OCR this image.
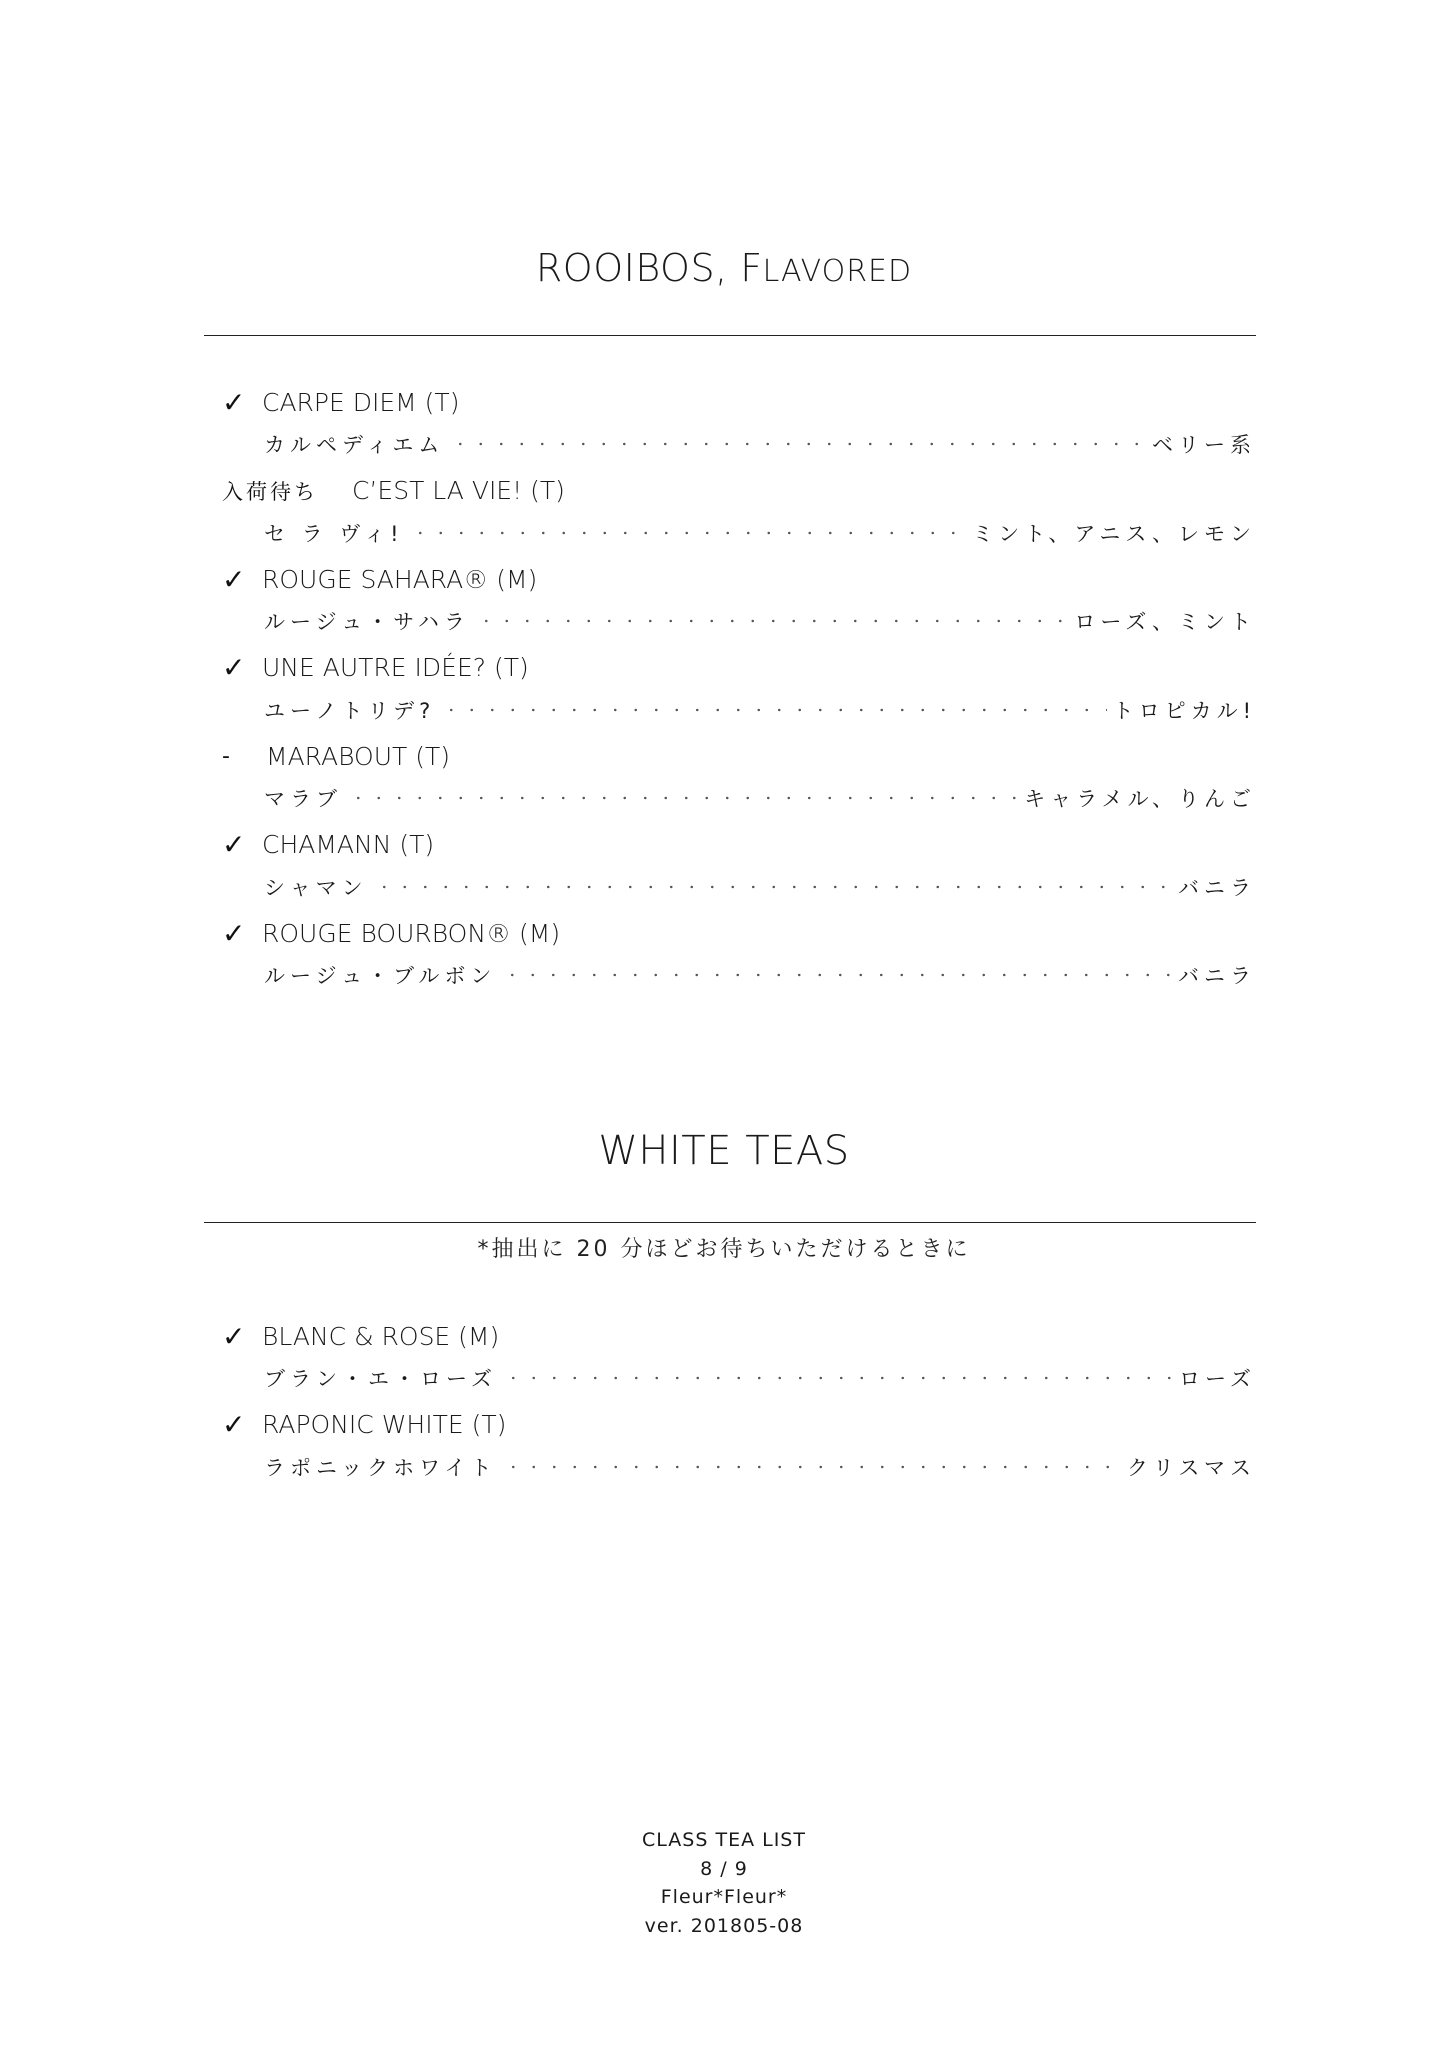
ROOIBOS, FLAVORED
✓ CARPE DIEM (T)
カルペディエム	ベリー系
入荷待ち	C’EST LA VIE! (T)
セ ラ ヴィ!	ミント、アニス、レモン
✓ ROUGE SAHARA® (M)
ルージュ・サハラ	ローズ、ミント
✓ UNE AUTRE IDÉE? (T)
ユーノトリデ?	トロピカル!
-	MARABOUT (T)
マラブ	キャラメル、りんご
✓ CHAMANN (T)
シャマン	バニラ
✓ ROUGE BOURBON® (M)
ルージュ・ブルボン	バニラ
WHITE TEAS
*抽出に 20 分ほどお待ちいただけるときに
✓ BLANC & ROSE (M)
ブラン・エ・ローズ	ローズ
✓ RAPONIC WHITE (T)
ラポニックホワイト	クリスマス
CLASS TEA LIST
8 / 9
Fleur*Fleur*
ver. 201805-08
